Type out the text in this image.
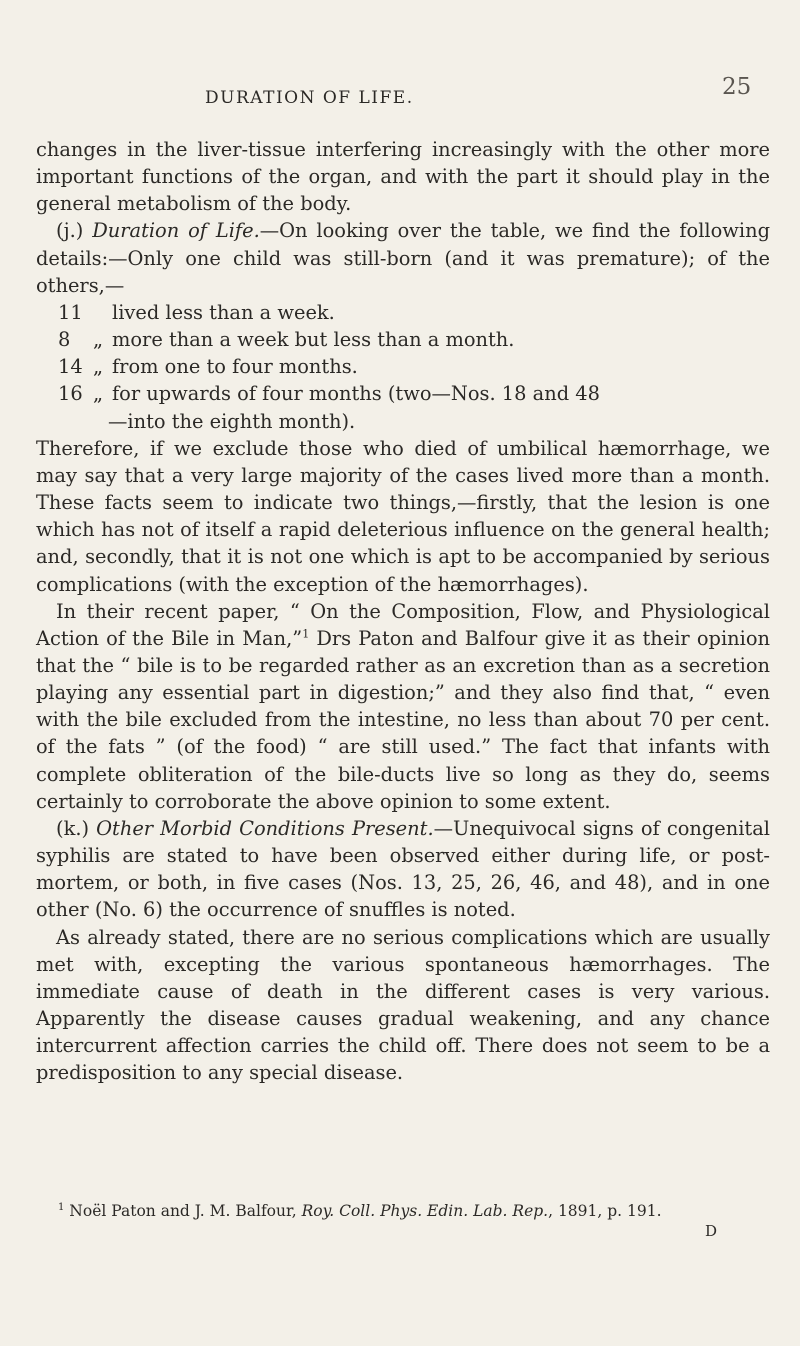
DURATION OF LIFE.	25

changes in the liver-tissue interfering increasingly with the other more important functions of the organ, and with the part it should play in the general metabolism of the body.

(j.) Duration of Life.—On looking over the table, we find the following details:—Only one child was still-born (and it was premature); of the others,—

11 lived less than a week.
8	„ more than a week but less than a month.
14 „ from one to four months.
16 „ for upwards of four months (two—Nos. 18 and 48
—into the eighth month).

Therefore, if we exclude those who died of umbilical hæmorrhage, we may say that a very large majority of the cases lived more than a month. These facts seem to indicate two things,—firstly, that the lesion is one which has not of itself a rapid deleterious influence on the general health; and, secondly, that it is not one which is apt to be accompanied by serious complications (with the exception of the hæmorrhages).

In their recent paper, “ On the Composition, Flow, and Physiological Action of the Bile in Man,”$^1$ Drs Paton and Balfour give it as their opinion that the “ bile is to be regarded rather as an excretion than as a secretion playing any essential part in digestion;” and they also find that, “ even with the bile excluded from the intestine, no less than about 70 per cent. of the fats ” (of the food) “ are still used.” The fact that infants with complete obliteration of the bile-ducts live so long as they do, seems certainly to corroborate the above opinion to some extent.

(k.) Other Morbid Conditions Present.—Unequivocal signs of congenital syphilis are stated to have been observed either during life, or post-mortem, or both, in five cases (Nos. 13, 25, 26, 46, and 48), and in one other (No. 6) the occurrence of snuffles is noted.

As already stated, there are no serious complications which are usually met with, excepting the various spontaneous hæmorrhages. The immediate cause of death in the different cases is very various. Apparently the disease causes gradual weakening, and any chance intercurrent affection carries the child off. There does not seem to be a predisposition to any special disease.

$^1$ Noël Paton and J. M. Balfour, Roy. Coll. Phys. Edin. Lab. Rep., 1891, p. 191.
D
